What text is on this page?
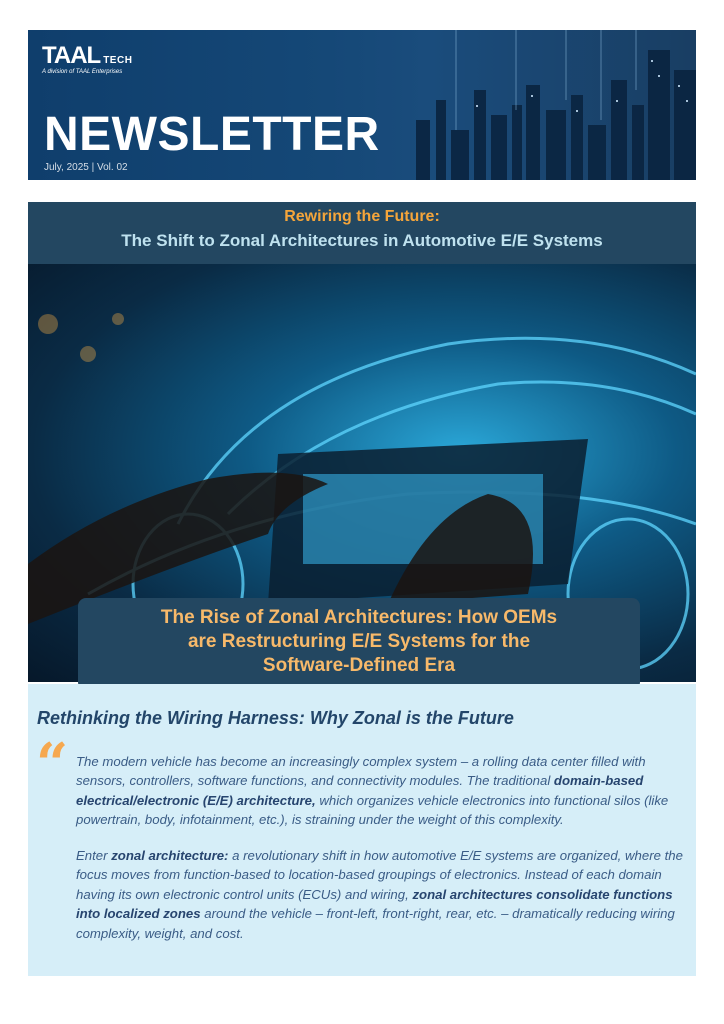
TAAL TECH
A division of TAAL Enterprises
NEWSLETTER
July, 2025 | Vol. 02
Rewiring the Future:
The Shift to Zonal Architectures in Automotive E/E Systems
The Rise of Zonal Architectures: How OEMs
are Restructuring E/E Systems for the
Software-Defined Era
Rethinking the Wiring Harness: Why Zonal is the Future
“ The modern vehicle has become an increasingly complex system – a rolling data center filled with sensors, controllers, software functions, and connectivity modules. The traditional domain-based electrical/electronic (E/E) architecture, which organizes vehicle electronics into functional silos (like powertrain, body, infotainment, etc.), is straining under the weight of this complexity.

Enter zonal architecture: a revolutionary shift in how automotive E/E systems are organized, where the focus moves from function-based to location-based groupings of electronics. Instead of each domain having its own electronic control units (ECUs) and wiring, zonal architectures consolidate functions into localized zones around the vehicle – front-left, front-right, rear, etc. – dramatically reducing wiring complexity, weight, and cost.
